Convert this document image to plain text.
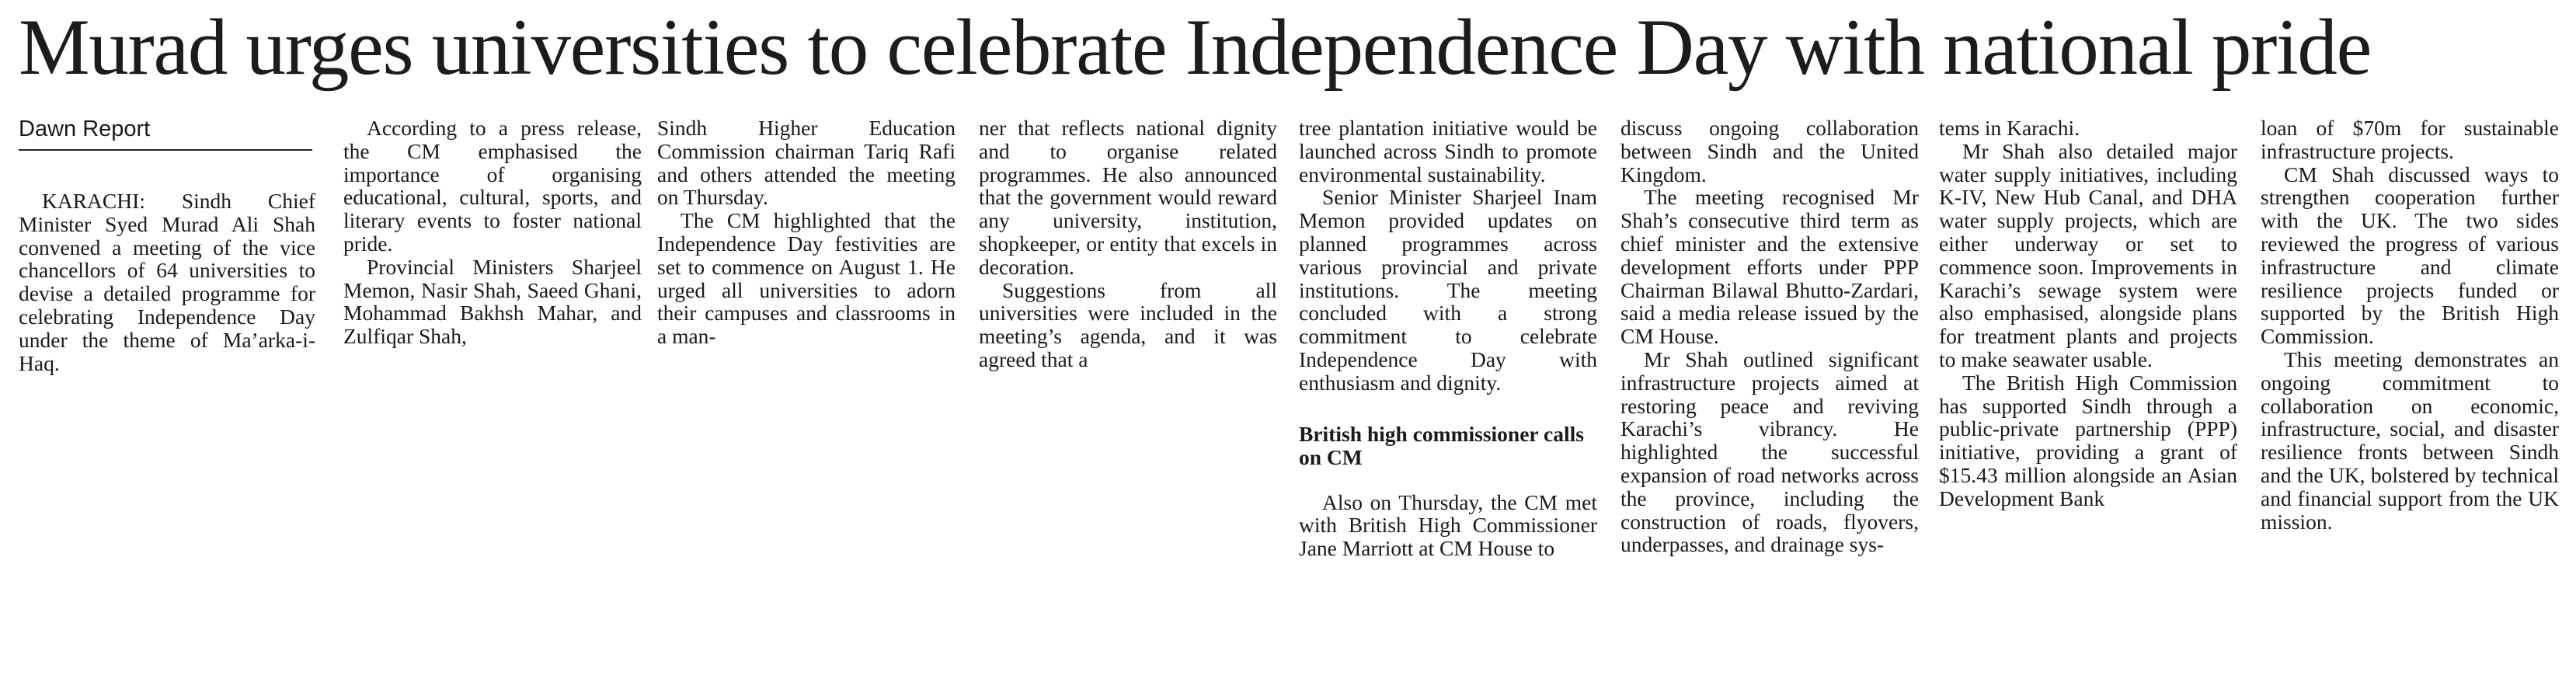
Murad urges universities to celebrate Independence Day with national pride
Dawn Report

KARACHI: Sindh Chief Minister Syed Murad Ali Shah convened a meeting of the vice chancellors of 64 universities to devise a detailed programme for celebrating Independence Day under the theme of Ma’arka-i-Haq.

According to a press release, the CM emphasised the importance of organising educational, cultural, sports, and literary events to foster national pride.

Provincial Ministers Sharjeel Memon, Nasir Shah, Saeed Ghani, Mohammad Bakhsh Mahar, and Zulfiqar Shah,

Sindh Higher Education Commission chairman Tariq Rafi and others attended the meeting on Thursday.

The CM highlighted that the Independence Day festivities are set to commence on August 1. He urged all universities to adorn their campuses and classrooms in a man-

ner that reflects national dignity and to organise related programmes. He also announced that the government would reward any university, institution, shopkeeper, or entity that excels in decoration.

Suggestions from all universities were included in the meeting’s agenda, and it was agreed that a

tree plantation initiative would be launched across Sindh to promote environmental sustainability.

Senior Minister Sharjeel Inam Memon provided updates on planned programmes across various provincial and private institutions. The meeting concluded with a strong commitment to celebrate Independence Day with enthusiasm and dignity.

British high commissioner calls on CM

Also on Thursday, the CM met with British High Commissioner Jane Marriott at CM House to

discuss ongoing collaboration between Sindh and the United Kingdom.

The meeting recognised Mr Shah’s consecutive third term as chief minister and the extensive development efforts under PPP Chairman Bilawal Bhutto-Zardari, said a media release issued by the CM House.

Mr Shah outlined significant infrastructure projects aimed at restoring peace and reviving Karachi’s vibrancy. He highlighted the successful expansion of road networks across the province, including the construction of roads, flyovers, underpasses, and drainage sys-

tems in Karachi.

Mr Shah also detailed major water supply initiatives, including K-IV, New Hub Canal, and DHA water supply projects, which are either underway or set to commence soon. Improvements in Karachi’s sewage system were also emphasised, alongside plans for treatment plants and projects to make seawater usable.

The British High Commission has supported Sindh through a public-private partnership (PPP) initiative, providing a grant of $15.43 million alongside an Asian Development Bank

loan of $70m for sustainable infrastructure projects.

CM Shah discussed ways to strengthen cooperation further with the UK. The two sides reviewed the progress of various infrastructure and climate resilience projects funded or supported by the British High Commission.

This meeting demonstrates an ongoing commitment to collaboration on economic, infrastructure, social, and disaster resilience fronts between Sindh and the UK, bolstered by technical and financial support from the UK mission.
